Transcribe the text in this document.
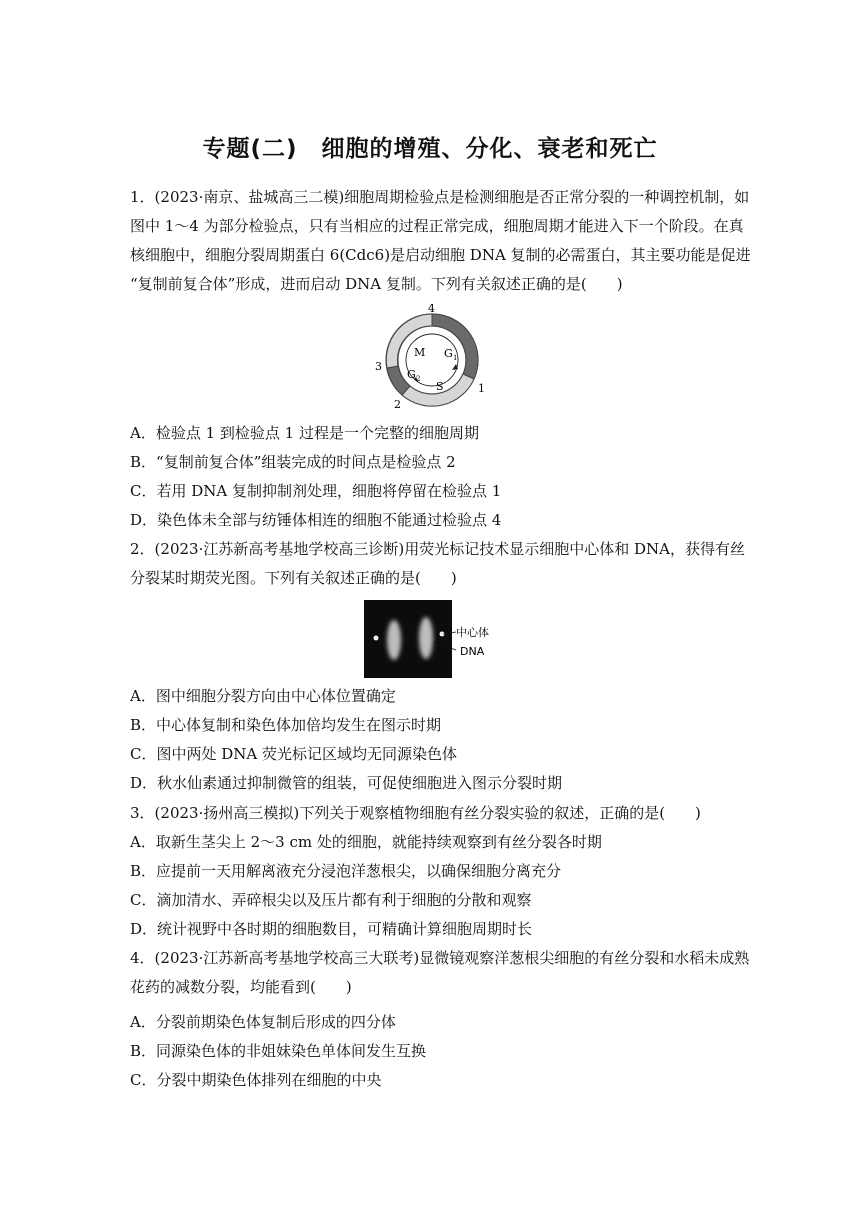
专题(二)　细胞的增殖、分化、衰老和死亡
1．(2023·南京、盐城高三二模)细胞周期检验点是检测细胞是否正常分裂的一种调控机制，如
图中 1～4 为部分检验点，只有当相应的过程正常完成，细胞周期才能进入下一个阶段。在真
核细胞中，细胞分裂周期蛋白 6(Cdc6)是启动细胞 DNA 复制的必需蛋白，其主要功能是促进
“复制前复合体”形成，进而启动 DNA 复制。下列有关叙述正确的是(　　)
4
1
2
3
M G 1
G 2
S
A．检验点 1 到检验点 1 过程是一个完整的细胞周期
B．“复制前复合体”组装完成的时间点是检验点 2
C．若用 DNA 复制抑制剂处理，细胞将停留在检验点 1
D．染色体未全部与纺锤体相连的细胞不能通过检验点 4
2．(2023·江苏新高考基地学校高三诊断)用荧光标记技术显示细胞中心体和 DNA，获得有丝
分裂某时期荧光图。下列有关叙述正确的是(　　)
中心体
DNA
A．图中细胞分裂方向由中心体位置确定
B．中心体复制和染色体加倍均发生在图示时期
C．图中两处 DNA 荧光标记区域均无同源染色体
D．秋水仙素通过抑制微管的组装，可促使细胞进入图示分裂时期
3．(2023·扬州高三模拟)下列关于观察植物细胞有丝分裂实验的叙述，正确的是(　　)
A．取新生茎尖上 2～3 cm 处的细胞，就能持续观察到有丝分裂各时期
B．应提前一天用解离液充分浸泡洋葱根尖，以确保细胞分离充分
C．滴加清水、弄碎根尖以及压片都有利于细胞的分散和观察
D．统计视野中各时期的细胞数目，可精确计算细胞周期时长
4．(2023·江苏新高考基地学校高三大联考)显微镜观察洋葱根尖细胞的有丝分裂和水稻未成熟
花药的减数分裂，均能看到(　　)
A．分裂前期染色体复制后形成的四分体
B．同源染色体的非姐妹染色单体间发生互换
C．分裂中期染色体排列在细胞的中央
